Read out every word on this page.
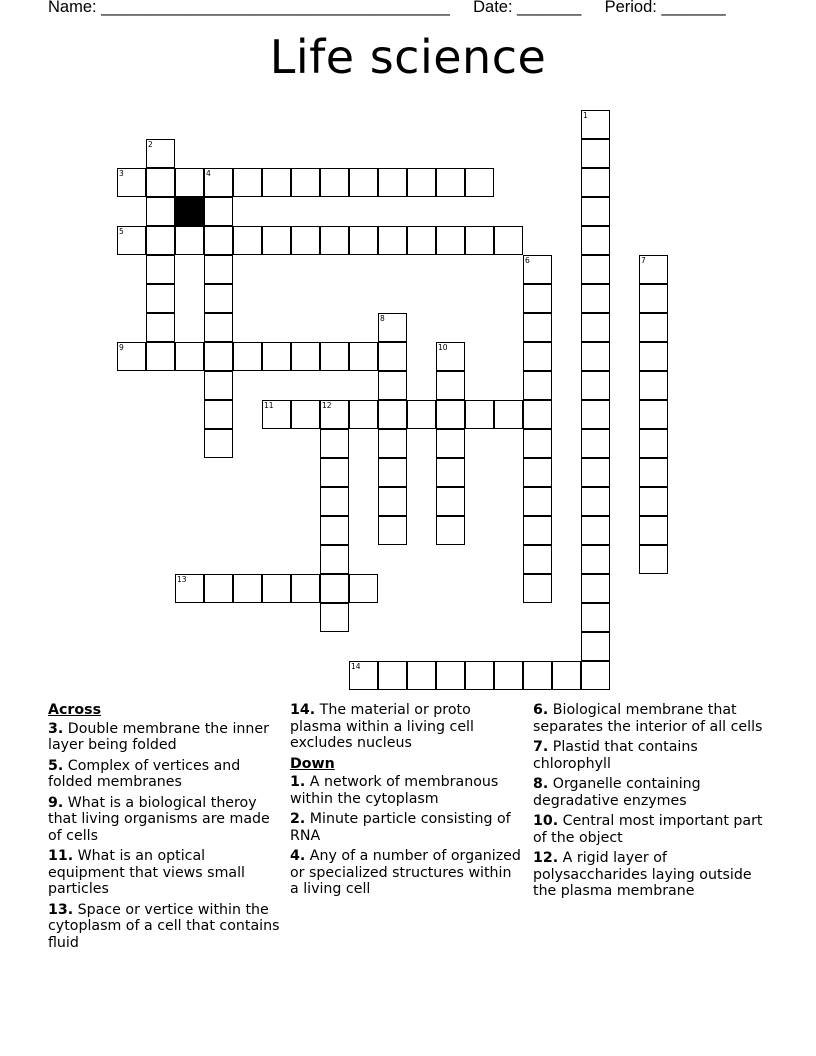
Name: ______________________________________ Date: _______ Period: _______
Life science
1
2
3	4
5
6	7
8
9	10
11	12
13
14
Across
3. Double membrane the inner layer being folded
5. Complex of vertices and folded membranes
9. What is a biological theroy that living organisms are made of cells
11. What is an optical equipment that views small particles
13. Space or vertice within the cytoplasm of a cell that contains fluid
14. The material or proto plasma within a living cell excludes nucleus
Down
1. A network of membranous within the cytoplasm
2. Minute particle consisting of RNA
4. Any of a number of organized or specialized structures within a living cell
6. Biological membrane that separates the interior of all cells
7. Plastid that contains chlorophyll
8. Organelle containing degradative enzymes
10. Central most important part of the object
12. A rigid layer of polysaccharides laying outside the plasma membrane
